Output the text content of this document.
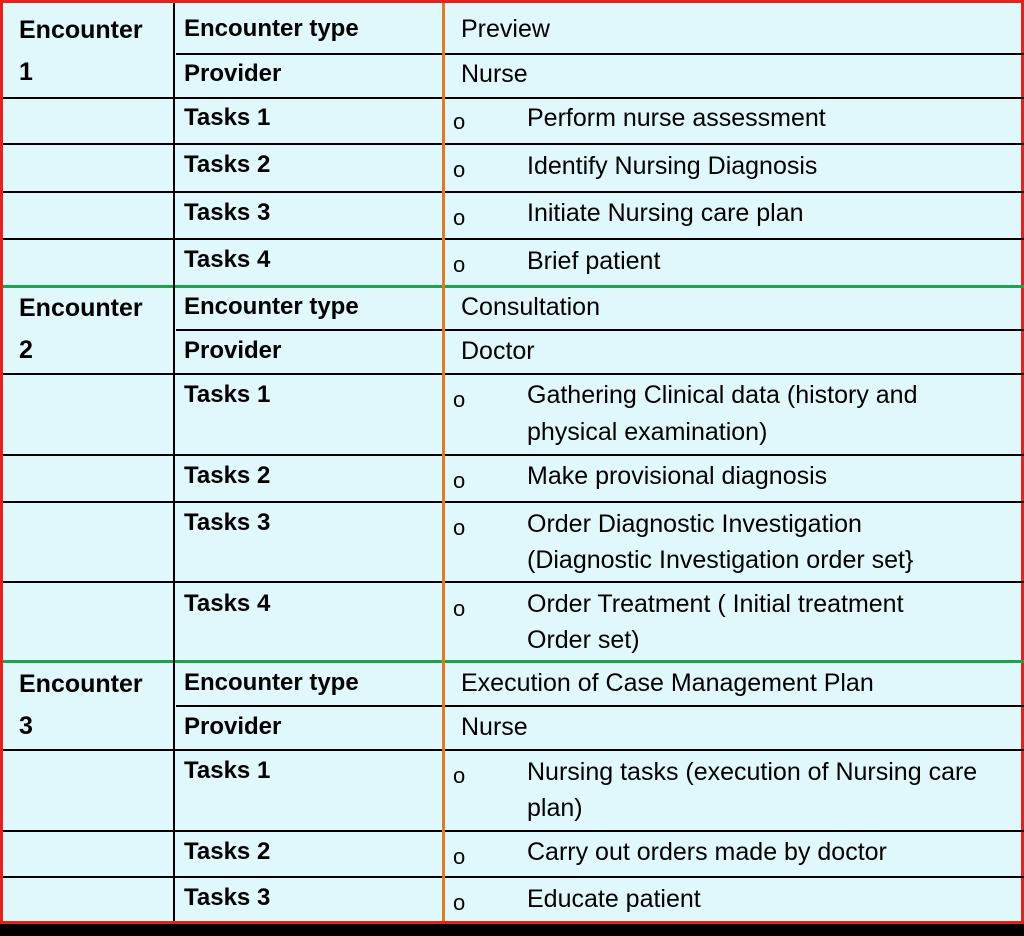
Encounter
1
Encounter type	Preview
Provider	Nurse
Tasks 1	o Perform nurse assessment
Tasks 2	o Identify Nursing Diagnosis
Tasks 3	o Initiate Nursing care plan
Tasks 4	o Brief patient
Encounter
2
Encounter type	Consultation
Provider	Doctor
Tasks 1	o Gathering Clinical data (history and
physical examination)
Tasks 2	o Make provisional diagnosis
Tasks 3	o Order Diagnostic Investigation
(Diagnostic Investigation order set}
Tasks 4	o Order Treatment ( Initial treatment
Order set)
Encounter
3
Encounter type	Execution of Case Management Plan
Provider	Nurse
Tasks 1	o Nursing tasks (execution of Nursing care
plan)
Tasks 2	o Carry out orders made by doctor
Tasks 3	o Educate patient
